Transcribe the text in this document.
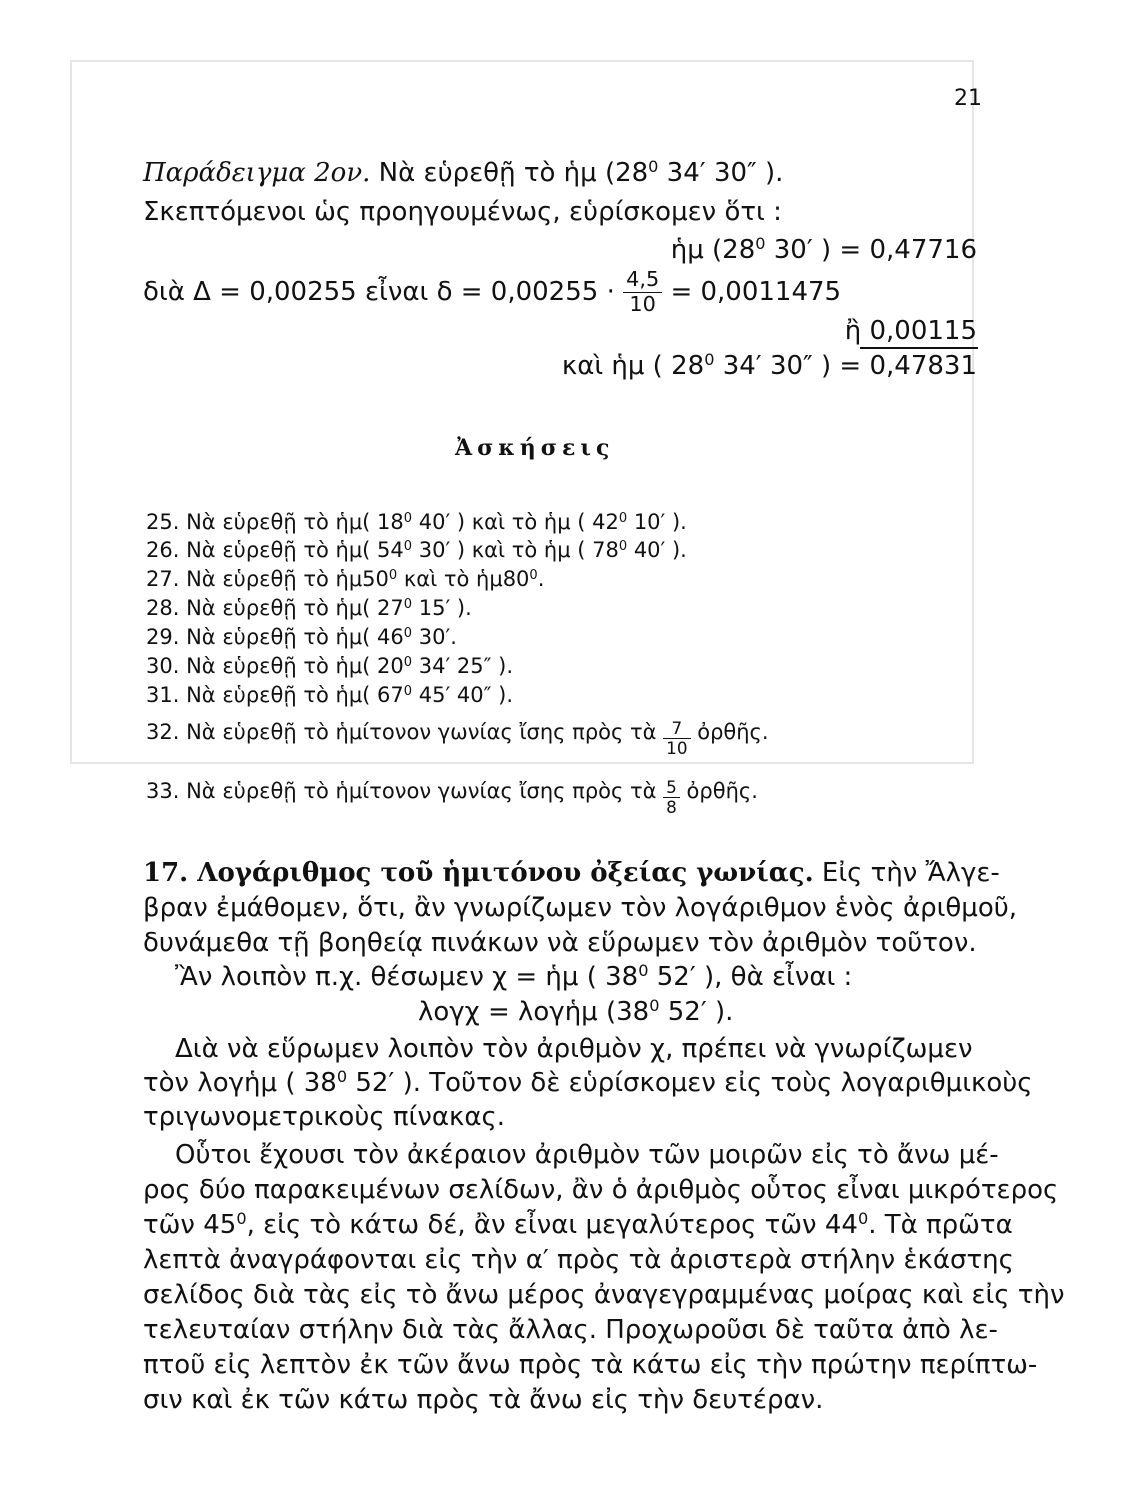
21
Παράδειγμα 2ον. Νὰ εὑρεθῇ τὸ ἡμ ($28^0$ 34′ 30″ ).
Σκεπτόμενοι ὡς προηγουμένως, εὑρίσκομεν ὅτι :
ἡμ ($28^0$ 30′ ) = 0,47716
διὰ Δ = 0,00255 εἶναι $\delta = 0,00255 \cdot \frac{4,5}{10} = 0,0011475$
ἢ 0,00115
καὶ ἡμ ( $28^0$ 34′ 30″ ) = 0,47831
Ἀσκήσεις
25. Νὰ εὑρεθῇ τὸ ἡμ( $18^0$ 40′ ) καὶ τὸ ἡμ ( $42^0$ 10′ ).
26. Νὰ εὑρεθῇ τὸ ἡμ( $54^0$ 30′ ) καὶ τὸ ἡμ ( $78^0$ 40′ ).
27. Νὰ εὑρεθῇ τὸ $ἡ\mu 50^0$ καὶ τὸ $ἡ\mu 80^0$.
28. Νὰ εὑρεθῇ τὸ ἡμ( $27^0$ 15′ ).
29. Νὰ εὑρεθῇ τὸ ἡμ( $46^0$ 30′.
30. Νὰ εὑρεθῇ τὸ ἡμ( $20^0$ 34′ 25″ ).
31. Νὰ εὑρεθῇ τὸ ἡμ( $67^0$ 45′ 40″ ).
32. Νὰ εὑρεθῇ τὸ ἡμίτονον γωνίας ἴσης πρὸς τὰ $\frac{7}{10}$ ὀρθῆς.
33. Νὰ εὑρεθῇ τὸ ἡμίτονον γωνίας ἴσης πρὸς τὰ $\frac{5}{8}$ ὀρθῆς.
17. Λογάριθμος τοῦ ἡμιτόνου ὀξείας γωνίας. Εἰς τὴν Ἄλγε-
βραν ἐμάθομεν, ὅτι, ἂν γνωρίζωμεν τὸν λογάριθμον ἑνὸς ἀριθμοῦ,
δυνάμεθα τῇ βοηθείᾳ πινάκων νὰ εὕρωμεν τὸν ἀριθμὸν τοῦτον.
Ἂν λοιπὸν π.χ. θέσωμεν χ = ἡμ ( $38^0$ 52′ ), θὰ εἶναι :
λογχ = λογἡμ ($38^0$ 52′ ).
Διὰ νὰ εὕρωμεν λοιπὸν τὸν ἀριθμὸν χ, πρέπει νὰ γνωρίζωμεν
τὸν λογἡμ ( $38^0$ 52′ ). Τοῦτον δὲ εὑρίσκομεν εἰς τοὺς λογαριθμικοὺς
τριγωνομετρικοὺς πίνακας.
Οὗτοι ἔχουσι τὸν ἀκέραιον ἀριθμὸν τῶν μοιρῶν εἰς τὸ ἄνω μέ-
ρος δύο παρακειμένων σελίδων, ἂν ὁ ἀριθμὸς οὗτος εἶναι μικρότερος
τῶν $45^0$, εἰς τὸ κάτω δέ, ἂν εἶναι μεγαλύτερος τῶν $44^0$. Τὰ πρῶτα
λεπτὰ ἀναγράφονται εἰς τὴν α′ πρὸς τὰ ἀριστερὰ στήλην ἑκάστης
σελίδος διὰ τὰς εἰς τὸ ἄνω μέρος ἀναγεγραμμένας μοίρας καὶ εἰς τὴν
τελευταίαν στήλην διὰ τὰς ἄλλας. Προχωροῦσι δὲ ταῦτα ἀπὸ λε-
πτοῦ εἰς λεπτὸν ἐκ τῶν ἄνω πρὸς τὰ κάτω εἰς τὴν πρώτην περίπτω-
σιν καὶ ἐκ τῶν κάτω πρὸς τὰ ἄνω εἰς τὴν δευτέραν.
